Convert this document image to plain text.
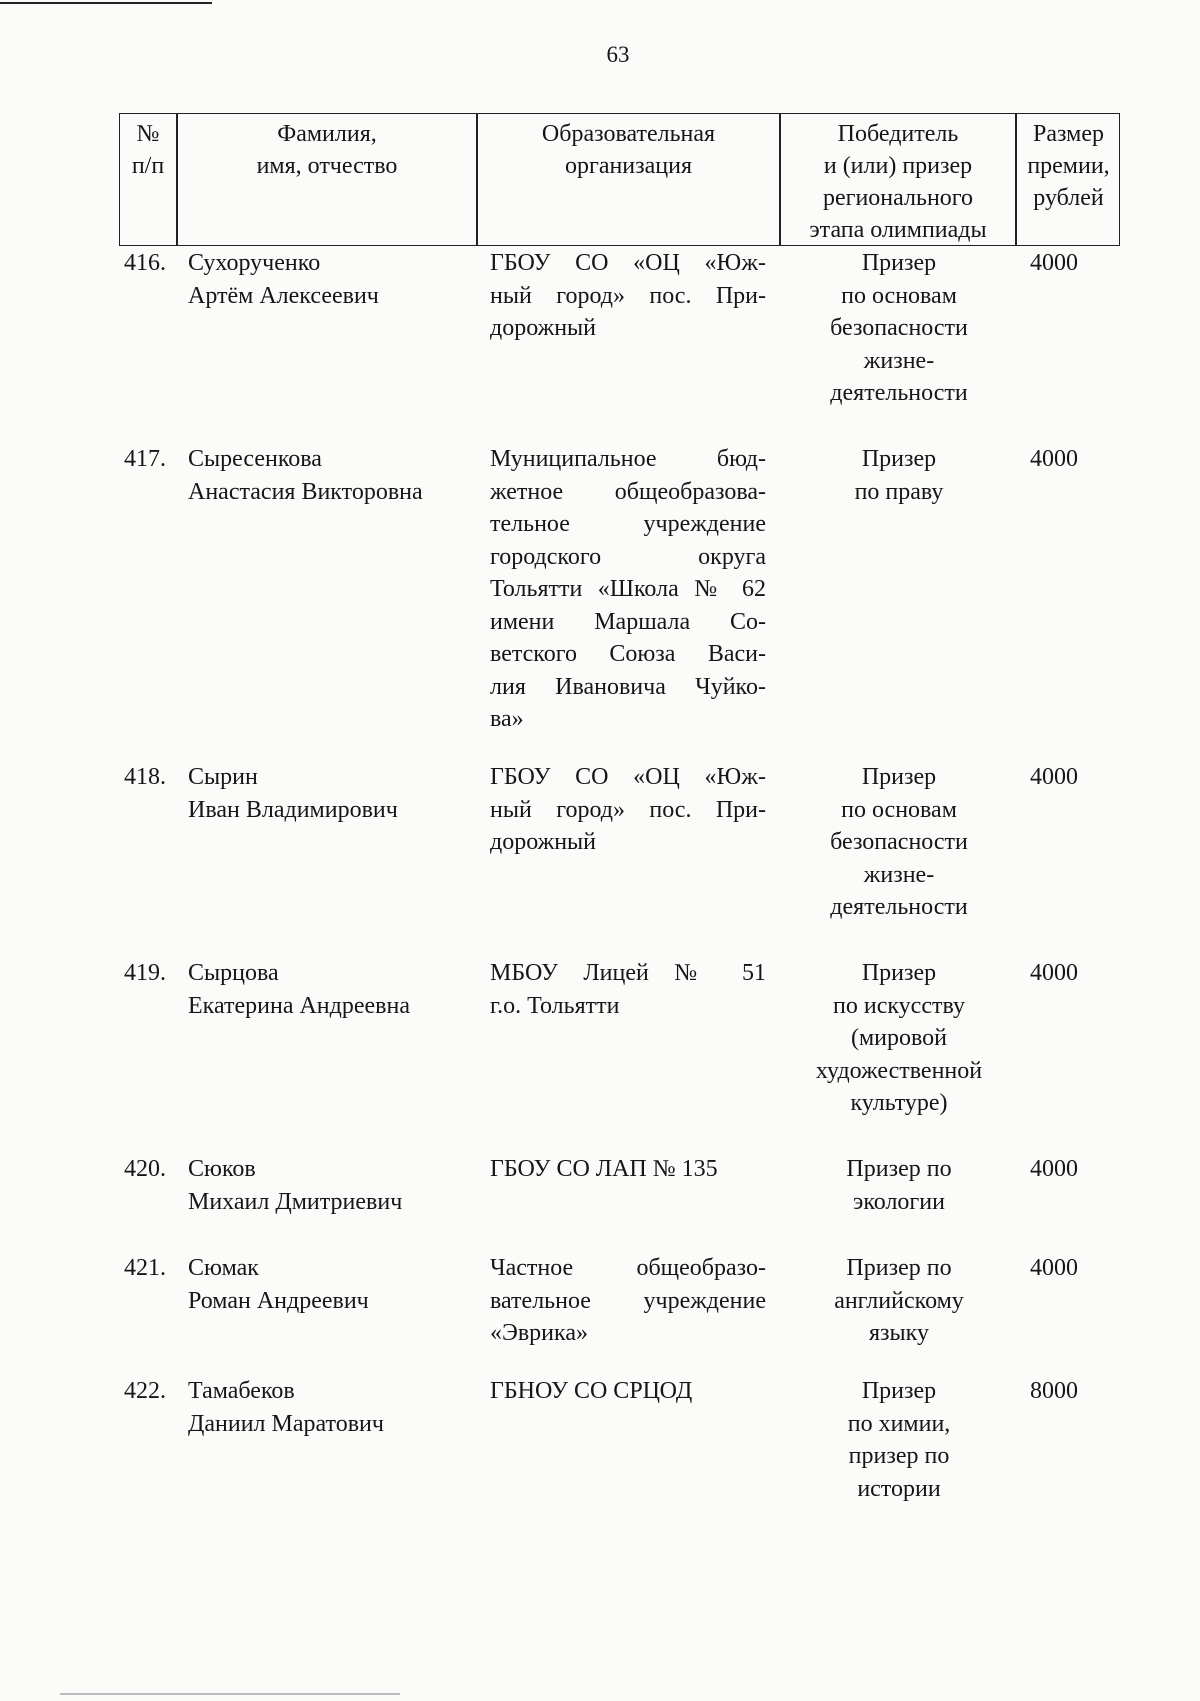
63
№
п/п
Фамилия,
имя, отчество
Образовательная
организация
Победитель
и (или) призер
регионального
этапа олимпиады
Размер
премии,
рублей
416. Сухорученко
Артём Алексеевич
ГБОУ СО «ОЦ «Юж-
ный город» пос. При-
дорожный
Призер
по основам
безопасности
жизне-
деятельности
4000
417. Сыресенкова
Анастасия Викторовна
Муниципальное бюд-
жетное общеобразова-
тельное учреждение
городского округа
Тольятти «Школа № 62
имени Маршала Со-
ветского Союза Васи-
лия Ивановича Чуйко-
ва»
Призер
по праву
4000
418. Сырин
Иван Владимирович
ГБОУ СО «ОЦ «Юж-
ный город» пос. При-
дорожный
Призер
по основам
безопасности
жизне-
деятельности
4000
419. Сырцова
Екатерина Андреевна
МБОУ Лицей № 51
г.о. Тольятти
Призер
по искусству
(мировой
художественной
культуре)
4000
420. Сюков
Михаил Дмитриевич
ГБОУ СО ЛАП № 135	Призер по
экологии
4000
421. Сюмак
Роман Андреевич
Частное общеобразо-
вательное учреждение
«Эврика»
Призер по
английскому
языку
4000
422. Тамабеков
Даниил Маратович
ГБНОУ СО СРЦОД	Призер
по химии,
призер по
истории
8000
